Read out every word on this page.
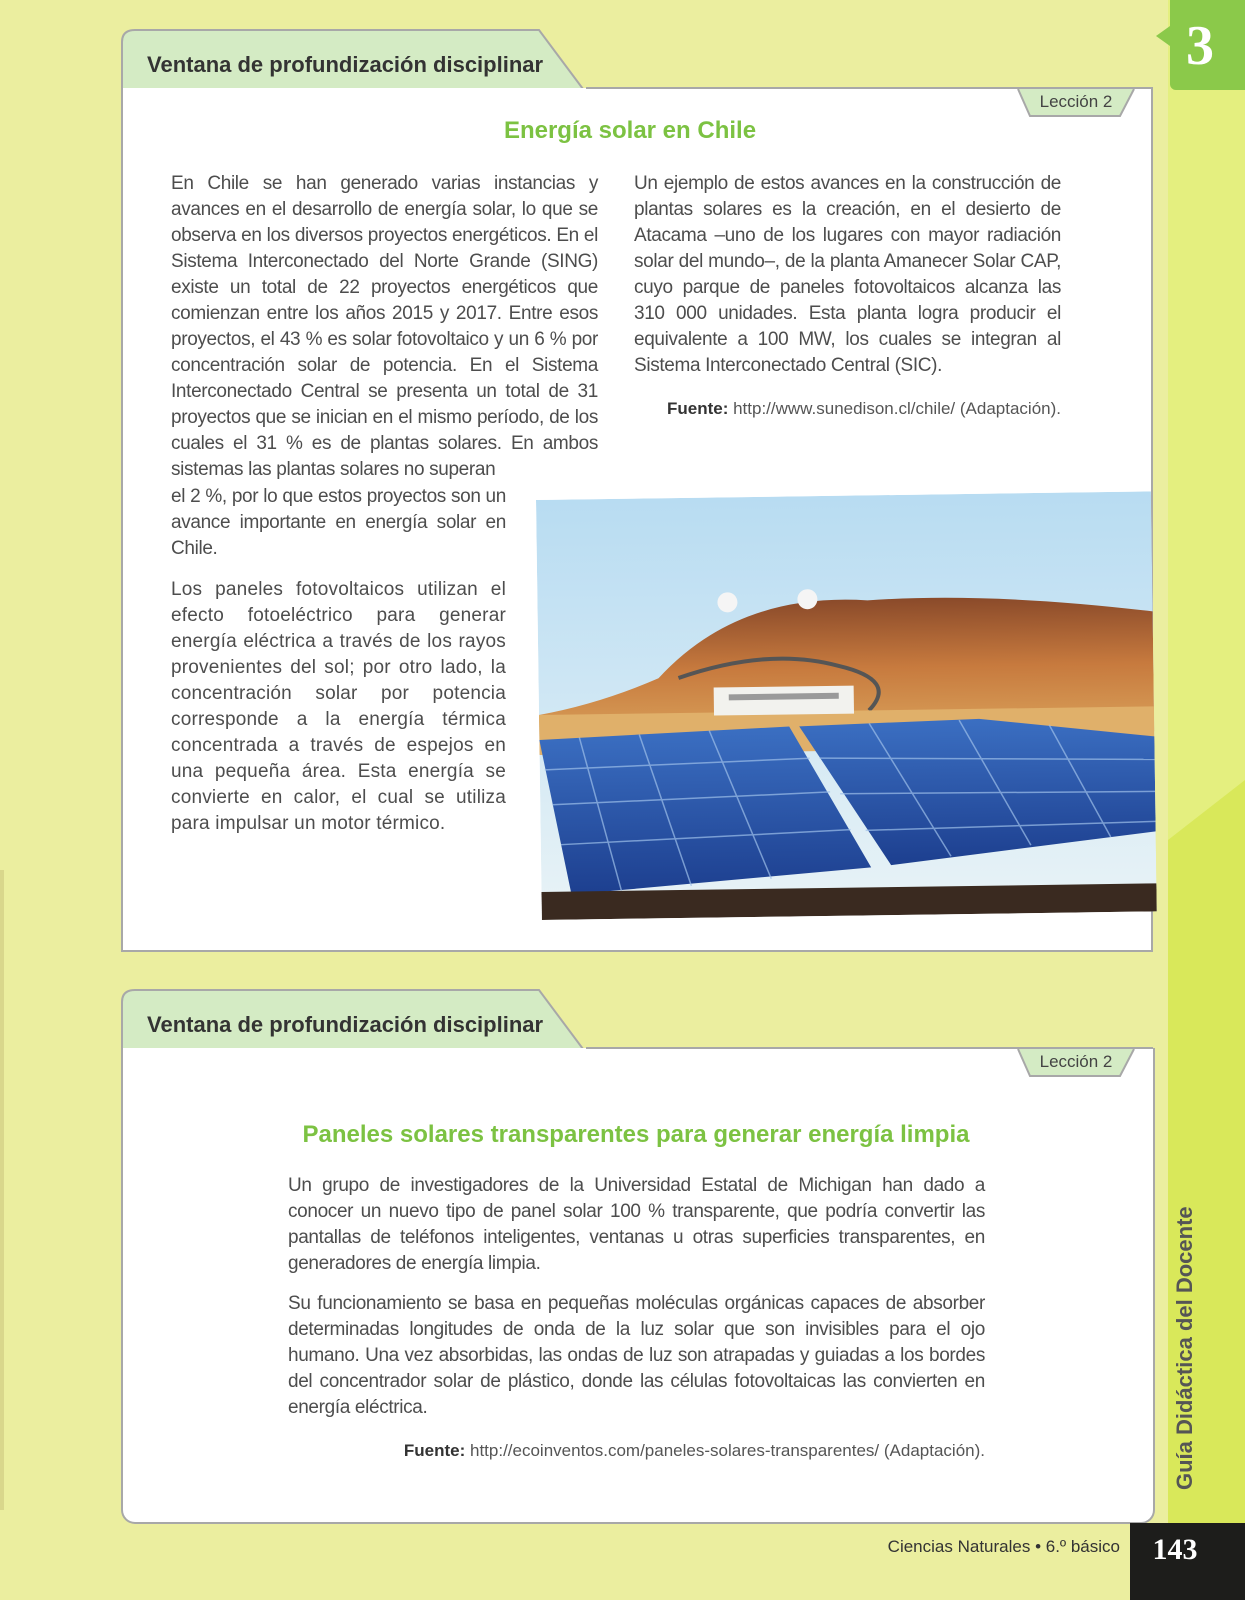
3
Guía Didáctica del Docente
Ventana de profundización disciplinar
Lección 2
Energía solar en Chile

En Chile se han generado varias instancias y avances en el desarrollo de energía solar, lo que se observa en los diversos proyectos energéticos. En el Sistema Interconectado del Norte Grande (SING) existe un total de 22 proyectos energéticos que comienzan entre los años 2015 y 2017. Entre esos proyectos, el 43 % es solar fotovoltaico y un 6 % por concentración solar de potencia. En el Sistema Interconectado Central se presenta un total de 31 proyectos que se inician en el mismo período, de los cuales el 31 % es de plantas solares. En ambos sistemas las plantas solares no superan

el 2 %, por lo que estos proyectos son un avance importante en energía solar en Chile.

Los paneles fotovoltaicos utilizan el efecto fotoeléctrico para generar energía eléctrica a través de los rayos provenientes del sol; por otro lado, la concentración solar por potencia corresponde a la energía térmica concentrada a través de espejos en una pequeña área. Esta energía se convierte en calor, el cual se utiliza para impulsar un motor térmico.

Un ejemplo de estos avances en la construcción de plantas solares es la creación, en el desierto de Atacama –uno de los lugares con mayor radiación solar del mundo–, de la planta Amanecer Solar CAP, cuyo parque de paneles fotovoltaicos alcanza las 310 000 unidades. Esta planta logra producir el equivalente a 100 MW, los cuales se integran al Sistema Interconectado Central (SIC).

Fuente: http://www.sunedison.cl/chile/ (Adaptación).
Ventana de profundización disciplinar
Lección 2
Paneles solares transparentes para generar energía limpia

Un grupo de investigadores de la Universidad Estatal de Michigan han dado a conocer un nuevo tipo de panel solar 100 % transparente, que podría convertir las pantallas de teléfonos inteligentes, ventanas u otras superficies transparentes, en generadores de energía limpia.

Su funcionamiento se basa en pequeñas moléculas orgánicas capaces de absorber determinadas longitudes de onda de la luz solar que son invisibles para el ojo humano. Una vez absorbidas, las ondas de luz son atrapadas y guiadas a los bordes del concentrador solar de plástico, donde las células fotovoltaicas las convierten en energía eléctrica.

Fuente: http://ecoinventos.com/paneles-solares-transparentes/ (Adaptación).
Ciencias Naturales • 6.º básico	143
